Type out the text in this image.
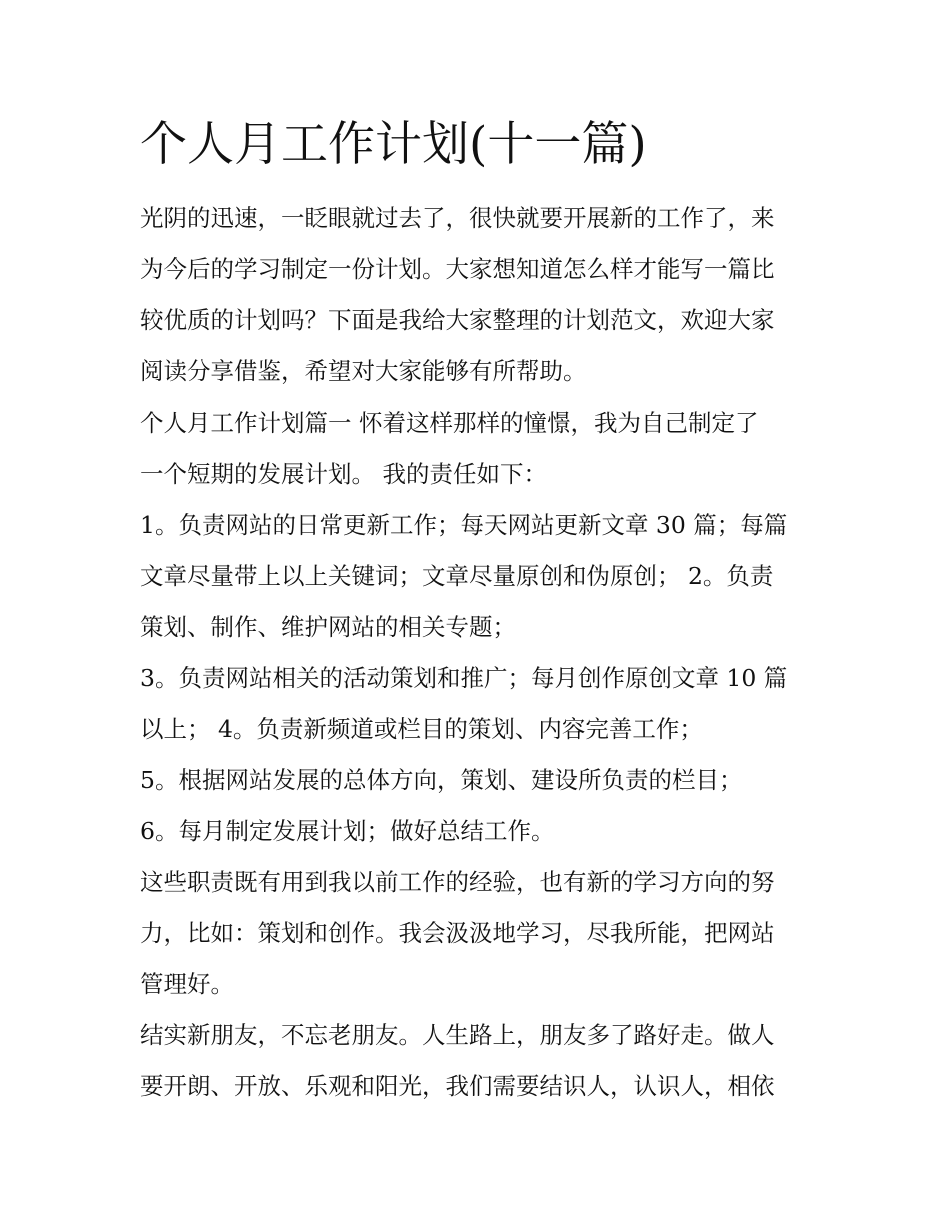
个人月工作计划(十一篇)

光阴的迅速，一眨眼就过去了，很快就要开展新的工作了，来

为今后的学习制定一份计划。大家想知道怎么样才能写一篇比

较优质的计划吗？下面是我给大家整理的计划范文，欢迎大家

阅读分享借鉴，希望对大家能够有所帮助。

个人月工作计划篇一 怀着这样那样的憧憬，我为自己制定了

一个短期的发展计划。 我的责任如下：

1。负责网站的日常更新工作；每天网站更新文章 30 篇；每篇

文章尽量带上以上关键词；文章尽量原创和伪原创； 2。负责

策划、制作、维护网站的相关专题；

3。负责网站相关的活动策划和推广；每月创作原创文章 10 篇

以上； 4。负责新频道或栏目的策划、内容完善工作；

5。根据网站发展的总体方向，策划、建设所负责的栏目；

6。每月制定发展计划；做好总结工作。

这些职责既有用到我以前工作的经验，也有新的学习方向的努

力，比如：策划和创作。我会汲汲地学习，尽我所能，把网站

管理好。

结实新朋友，不忘老朋友。人生路上，朋友多了路好走。做人

要开朗、开放、乐观和阳光，我们需要结识人，认识人，相依
